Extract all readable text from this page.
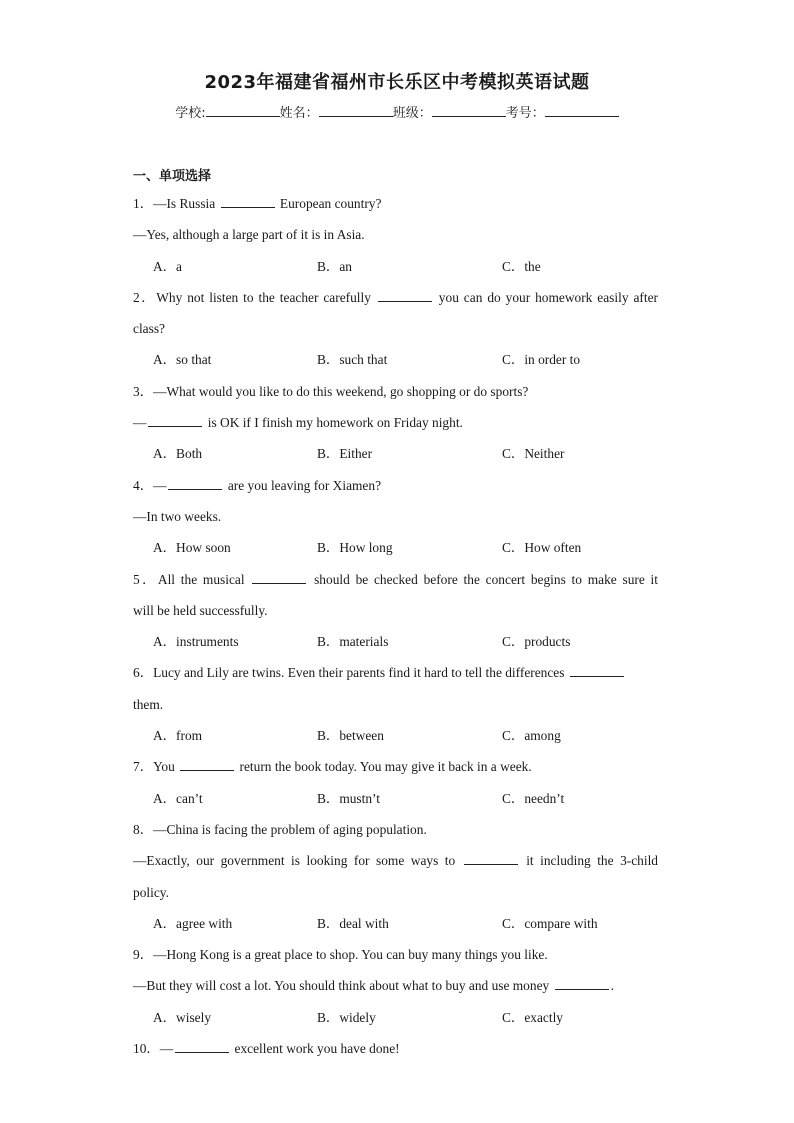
2023年福建省福州市长乐区中考模拟英语试题
学校:	姓名：	班级：	考号：
一、单项选择
1．—Is Russia	European country?
—Yes, although a large part of it is in Asia.
A．a	B．an	C．the
2．Why not listen to the teacher carefully	you can do your homework easily after
class?
A．so that	B．such that	C．in order to
3．—What would you like to do this weekend, go shopping or do sports?
—	is OK if I finish my homework on Friday night.
A．Both	B．Either	C．Neither
4．—	are you leaving for Xiamen?
—In two weeks.
A．How soon	B．How long	C．How often
5．All the musical	should be checked before the concert begins to make sure it
will be held successfully.
A．instruments	B．materials	C．products
6．Lucy and Lily are twins. Even their parents find it hard to tell the differences
them.
A．from	B．between	C．among
7．You	return the book today. You may give it back in a week.
A．can’t	B．mustn’t	C．needn’t
8．—China is facing the problem of aging population.
—Exactly, our government is looking for some ways to	it including the 3-child
policy.
A．agree with	B．deal with	C．compare with
9．—Hong Kong is a great place to shop. You can buy many things you like.
—But they will cost a lot. You should think about what to buy and use money	.
A．wisely	B．widely	C．exactly
10．—	excellent work you have done!
